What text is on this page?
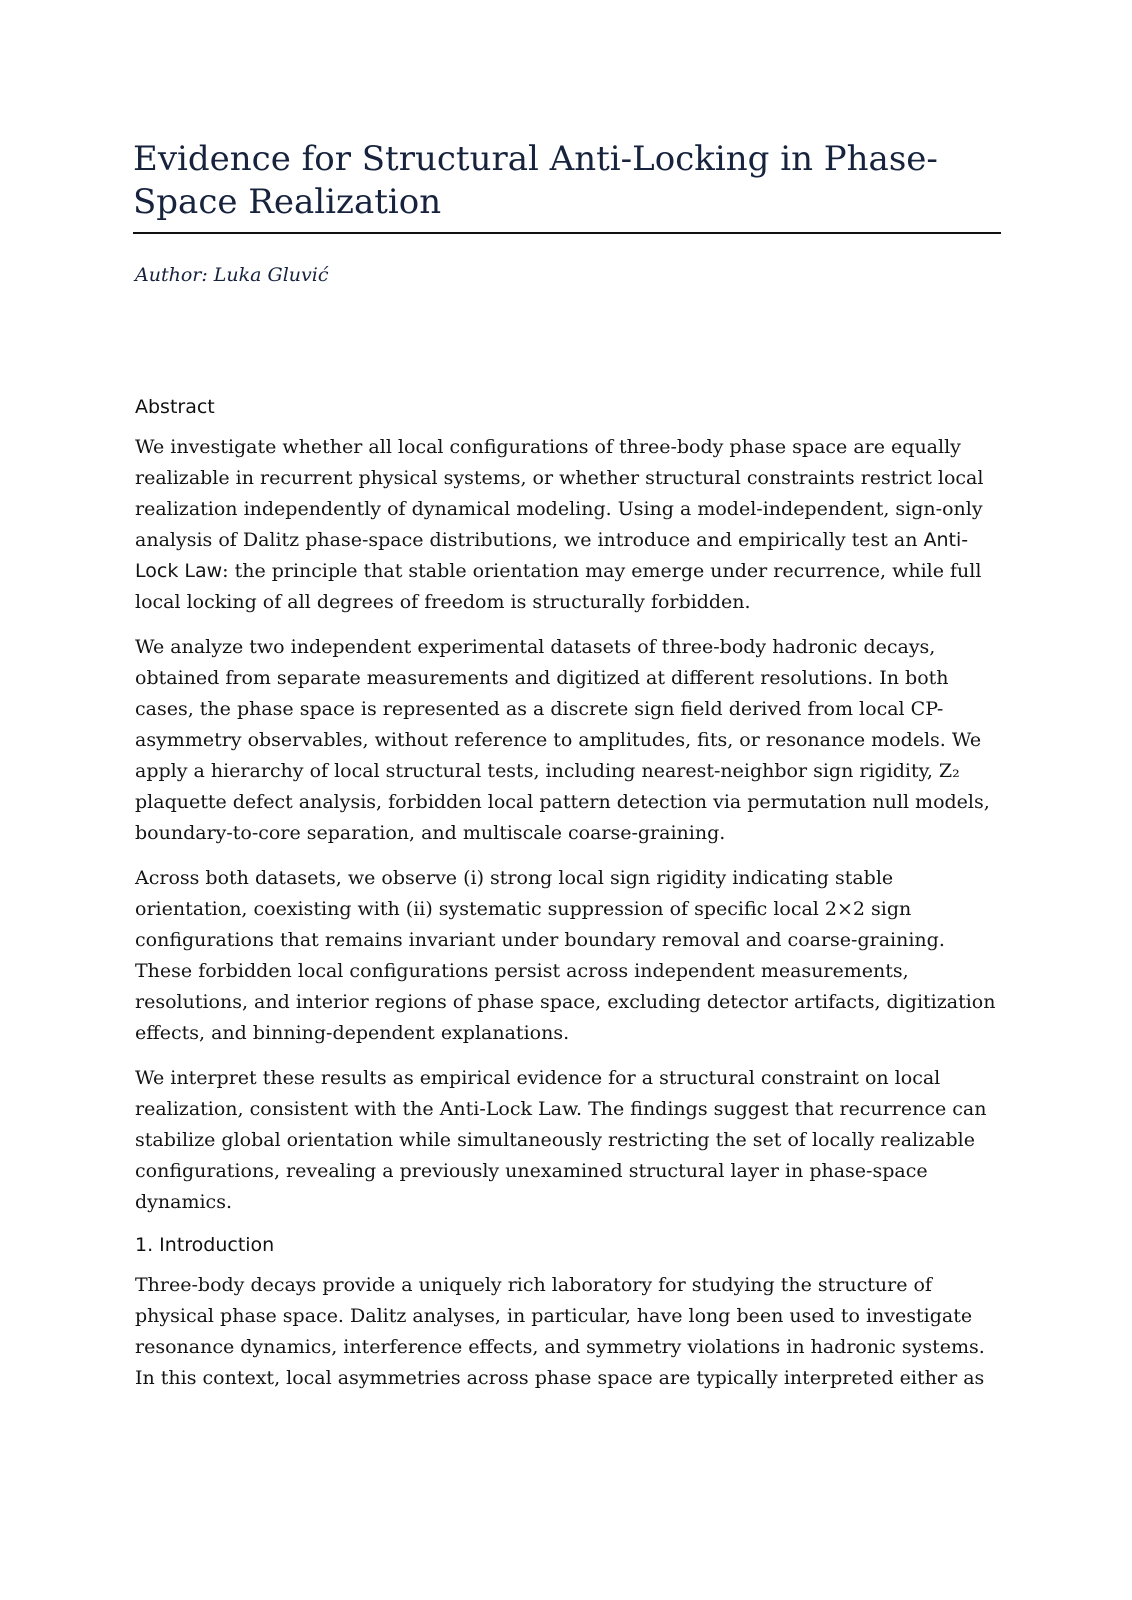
Evidence for Structural Anti-Locking in Phase-Space Realization

Author: Luka Gluvić

Abstract

We investigate whether all local configurations of three-body phase space are equally realizable in recurrent physical systems, or whether structural constraints restrict local realization independently of dynamical modeling. Using a model-independent, sign-only analysis of Dalitz phase-space distributions, we introduce and empirically test an Anti-Lock Law: the principle that stable orientation may emerge under recurrence, while full local locking of all degrees of freedom is structurally forbidden.

We analyze two independent experimental datasets of three-body hadronic decays, obtained from separate measurements and digitized at different resolutions. In both cases, the phase space is represented as a discrete sign field derived from local CP-asymmetry observables, without reference to amplitudes, fits, or resonance models. We apply a hierarchy of local structural tests, including nearest-neighbor sign rigidity, Z₂ plaquette defect analysis, forbidden local pattern detection via permutation null models, boundary-to-core separation, and multiscale coarse-graining.

Across both datasets, we observe (i) strong local sign rigidity indicating stable orientation, coexisting with (ii) systematic suppression of specific local 2×2 sign configurations that remains invariant under boundary removal and coarse-graining. These forbidden local configurations persist across independent measurements, resolutions, and interior regions of phase space, excluding detector artifacts, digitization effects, and binning-dependent explanations.

We interpret these results as empirical evidence for a structural constraint on local realization, consistent with the Anti-Lock Law. The findings suggest that recurrence can stabilize global orientation while simultaneously restricting the set of locally realizable configurations, revealing a previously unexamined structural layer in phase-space dynamics.

1. Introduction

Three-body decays provide a uniquely rich laboratory for studying the structure of physical phase space. Dalitz analyses, in particular, have long been used to investigate resonance dynamics, interference effects, and symmetry violations in hadronic systems. In this context, local asymmetries across phase space are typically interpreted either as
